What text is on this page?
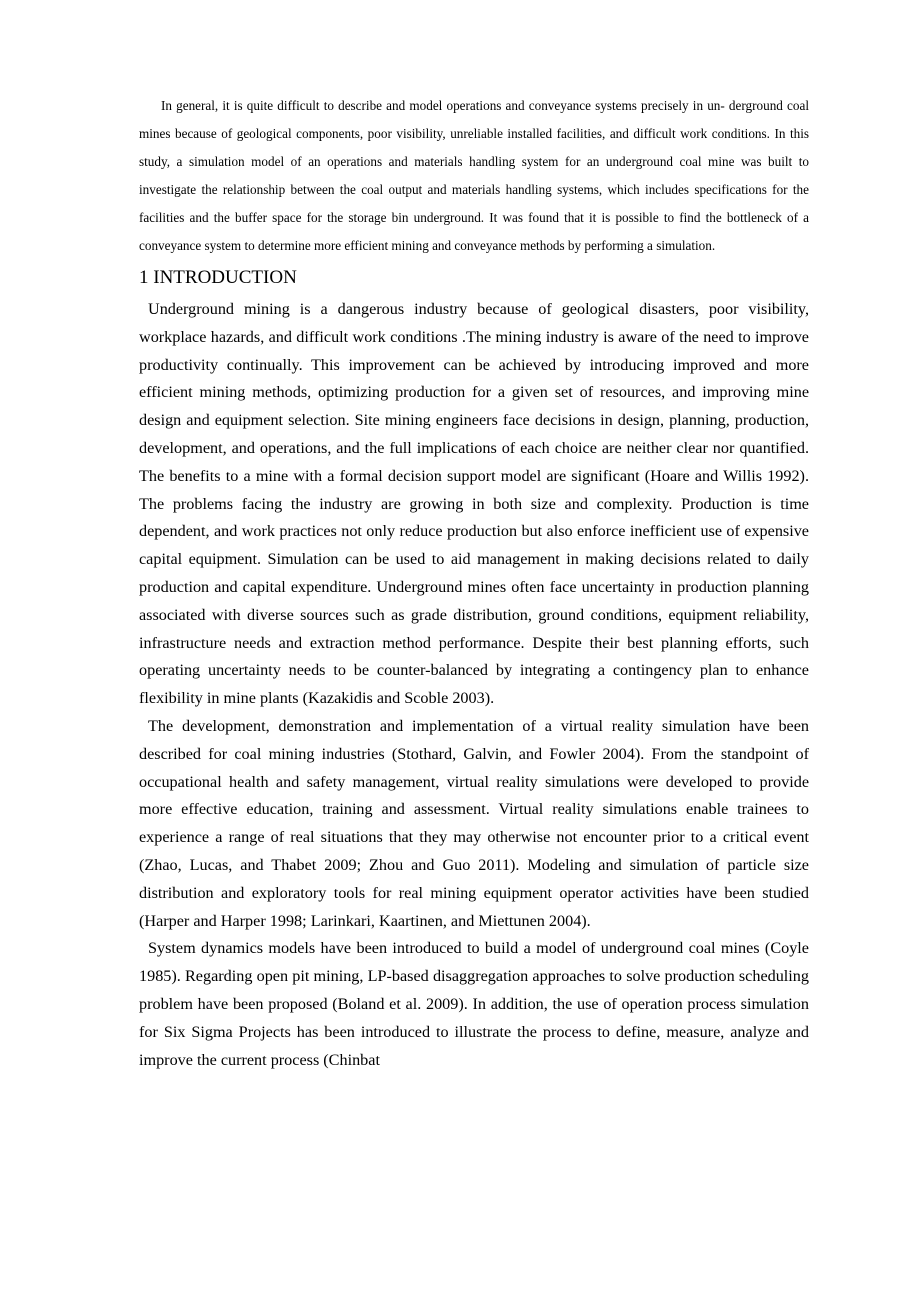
In general, it is quite difficult to describe and model operations and conveyance systems precisely in un- derground coal mines because of geological components, poor visibility, unreliable installed facilities, and difficult work conditions. In this study, a simulation model of an operations and materials handling system for an underground coal mine was built to investigate the relationship between the coal output and materials handling systems, which includes specifications for the facilities and the buffer space for the storage bin underground. It was found that it is possible to find the bottleneck of a conveyance system to determine more efficient mining and conveyance methods by performing a simulation.

1 INTRODUCTION

Underground mining is a dangerous industry because of geological disasters, poor visibility, workplace hazards, and difficult work conditions .The mining industry is aware of the need to improve productivity continually. This improvement can be achieved by introducing improved and more efficient mining methods, optimizing production for a given set of resources, and improving mine design and equipment selection. Site mining engineers face decisions in design, planning, production, development, and operations, and the full implications of each choice are neither clear nor quantified. The benefits to a mine with a formal decision support model are significant (Hoare and Willis 1992). The problems facing the industry are growing in both size and complexity. Production is time dependent, and work practices not only reduce production but also enforce inefficient use of expensive capital equipment. Simulation can be used to aid management in making decisions related to daily production and capital expenditure. Underground mines often face uncertainty in production planning associated with diverse sources such as grade distribution, ground conditions, equipment reliability, infrastructure needs and extraction method performance. Despite their best planning efforts, such operating uncertainty needs to be counter-balanced by integrating a contingency plan to enhance flexibility in mine plants (Kazakidis and Scoble 2003).

The development, demonstration and implementation of a virtual reality simulation have been described for coal mining industries (Stothard, Galvin, and Fowler 2004). From the standpoint of occupational health and safety management, virtual reality simulations were developed to provide more effective education, training and assessment. Virtual reality simulations enable trainees to experience a range of real situations that they may otherwise not encounter prior to a critical event (Zhao, Lucas, and Thabet 2009; Zhou and Guo 2011). Modeling and simulation of particle size distribution and exploratory tools for real mining equipment operator activities have been studied (Harper and Harper 1998; Larinkari, Kaartinen, and Miettunen 2004).

System dynamics models have been introduced to build a model of underground coal mines (Coyle 1985). Regarding open pit mining, LP-based disaggregation approaches to solve production scheduling problem have been proposed (Boland et al. 2009). In addition, the use of operation process simulation for Six Sigma Projects has been introduced to illustrate the process to define, measure, analyze and improve the current process (Chinbat
